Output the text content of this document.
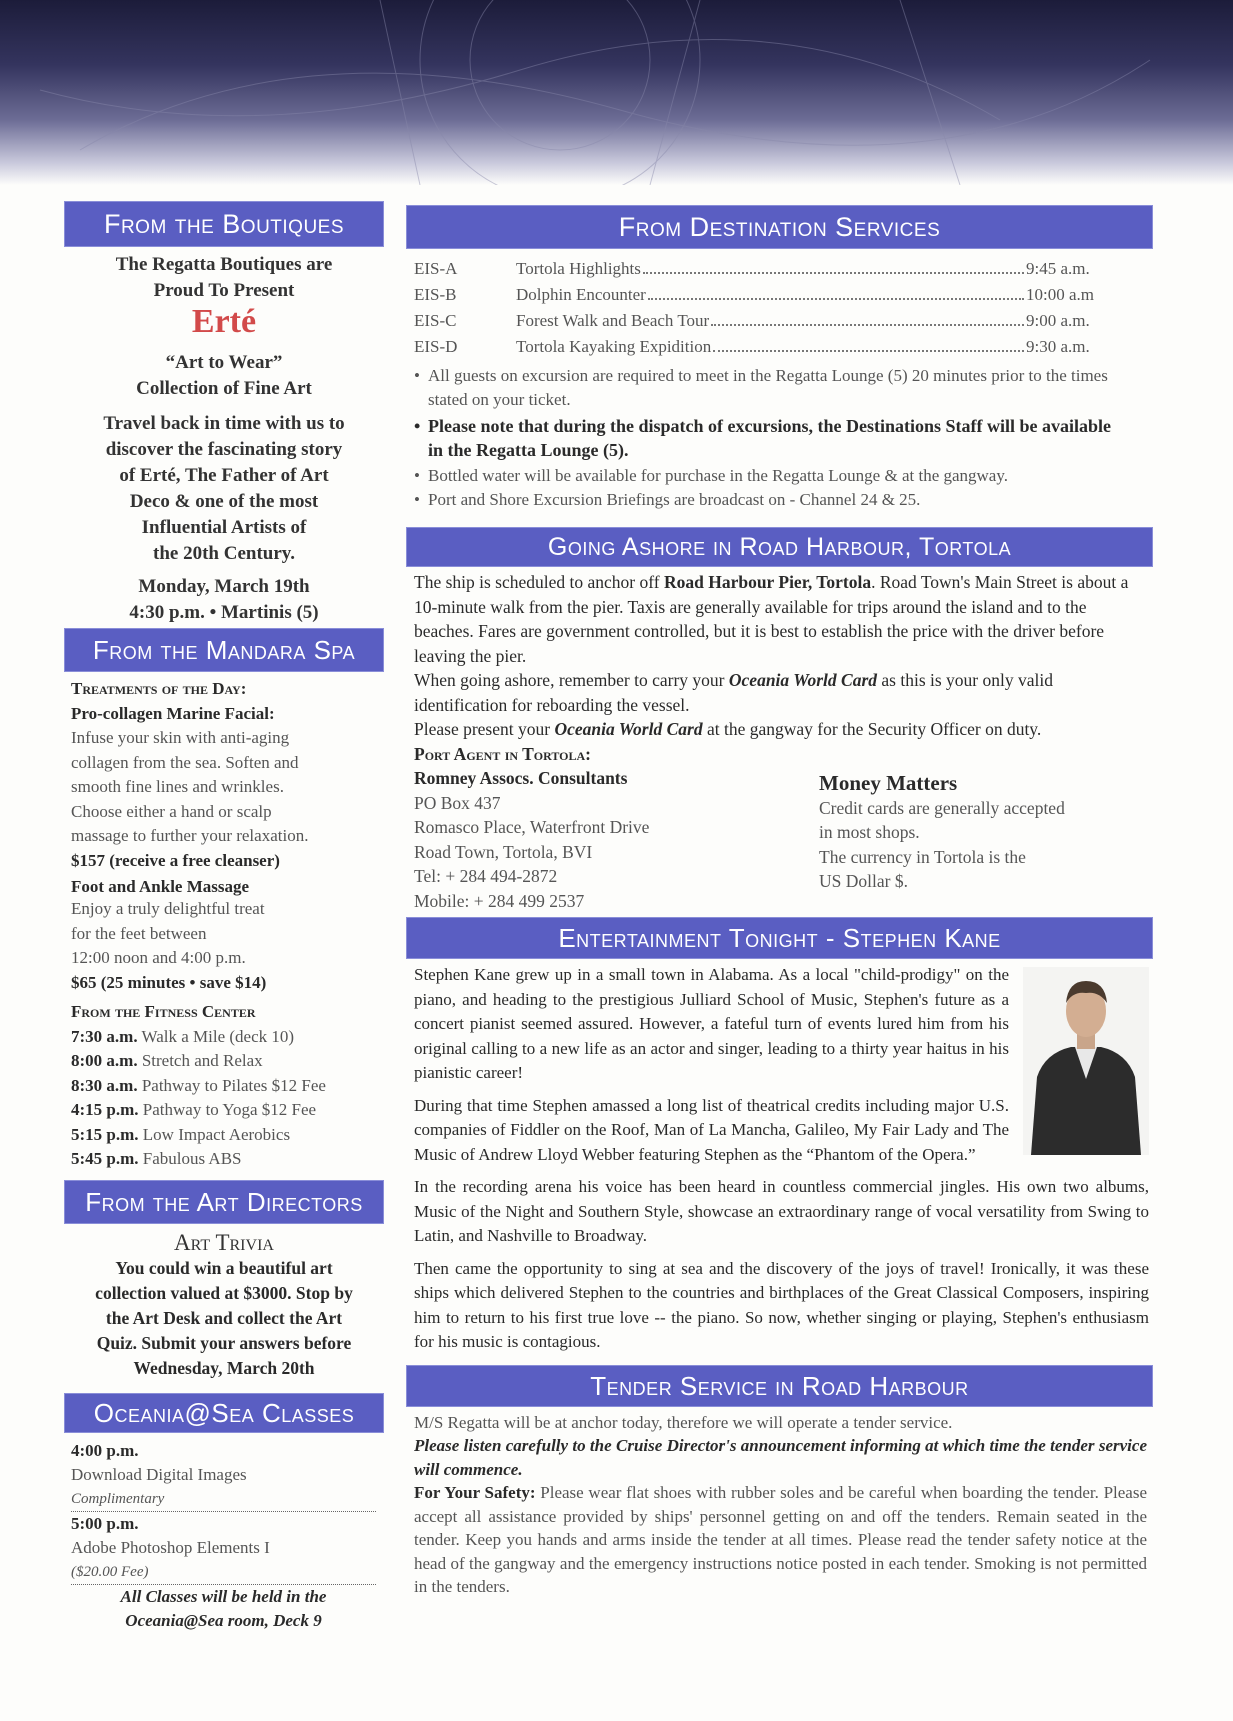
From the Boutiques

The Regatta Boutiques are

Proud To Present

Erté

“Art to Wear”

Collection of Fine Art

Travel back in time with us to

discover the fascinating story

of Erté, The Father of Art

Deco & one of the most

Influential Artists of

the 20th Century.

Monday, March 19th

4:30 p.m. • Martinis (5)

From the Mandara Spa

Treatments of the Day:

Pro-collagen Marine Facial:

Infuse your skin with anti-aging

collagen from the sea. Soften and

smooth fine lines and wrinkles.

Choose either a hand or scalp

massage to further your relaxation.

$157 (receive a free cleanser)

Foot and Ankle Massage

Enjoy a truly delightful treat

for the feet between

12:00 noon and 4:00 p.m.

$65 (25 minutes • save $14)

From the Fitness Center

7:30 a.m. Walk a Mile (deck 10)

8:00 a.m. Stretch and Relax

8:30 a.m. Pathway to Pilates $12 Fee

4:15 p.m. Pathway to Yoga $12 Fee

5:15 p.m. Low Impact Aerobics

5:45 p.m. Fabulous ABS

From the Art Directors

Art Trivia

You could win a beautiful art

collection valued at $3000. Stop by

the Art Desk and collect the Art

Quiz. Submit your answers before

Wednesday, March 20th

Oceania@Sea Classes

4:00 p.m.

Download Digital Images

Complimentary

5:00 p.m.

Adobe Photoshop Elements I

($20.00 Fee)

All Classes will be held in the

Oceania@Sea room, Deck 9

From Destination Services
EIS-A	Tortola Highlights	9:45 a.m.
EIS-B	Dolphin Encounter	10:00 a.m
EIS-C	Forest Walk and Beach Tour	9:00 a.m.
EIS-D	Tortola Kayaking Expidition	9:30 a.m.
• All guests on excursion are required to meet in the Regatta Lounge (5) 20 minutes prior to the times stated on your ticket.
• Please note that during the dispatch of excursions, the Destinations Staff will be available in the Regatta Lounge (5).
• Bottled water will be available for purchase in the Regatta Lounge & at the gangway.
• Port and Shore Excursion Briefings are broadcast on - Channel 24 & 25.
Going Ashore in Road Harbour, Tortola

The ship is scheduled to anchor off Road Harbour Pier, Tortola. Road Town's Main Street is about a 10-minute walk from the pier. Taxis are generally available for trips around the island and to the beaches. Fares are government controlled, but it is best to establish the price with the driver before leaving the pier.

When going ashore, remember to carry your Oceania World Card as this is your only valid identification for reboarding the vessel.

Please present your Oceania World Card at the gangway for the Security Officer on duty.

Port Agent in Tortola:

Romney Assocs. Consultants

PO Box 437

Romasco Place, Waterfront Drive

Road Town, Tortola, BVI

Tel: + 284 494-2872

Mobile: + 284 499 2537

Money Matters

Credit cards are generally accepted

in most shops.

The currency in Tortola is the

US Dollar $.

Entertainment Tonight - Stephen Kane

Stephen Kane grew up in a small town in Alabama. As a local "child-prodigy" on the piano, and heading to the prestigious Julliard School of Music, Stephen's future as a concert pianist seemed assured. However, a fateful turn of events lured him from his original calling to a new life as an actor and singer, leading to a thirty year haitus in his pianistic career!

During that time Stephen amassed a long list of theatrical credits including major U.S. companies of Fiddler on the Roof, Man of La Mancha, Galileo, My Fair Lady and The Music of Andrew Lloyd Webber featuring Stephen as the “Phantom of the Opera.”

In the recording arena his voice has been heard in countless commercial jingles. His own two albums, Music of the Night and Southern Style, showcase an extraordinary range of vocal versatility from Swing to Latin, and Nashville to Broadway.

Then came the opportunity to sing at sea and the discovery of the joys of travel! Ironically, it was these ships which delivered Stephen to the countries and birthplaces of the Great Classical Composers, inspiring him to return to his first true love -- the piano. So now, whether singing or playing, Stephen's enthusiasm for his music is contagious.

Tender Service in Road Harbour

M/S Regatta will be at anchor today, therefore we will operate a tender service.

Please listen carefully to the Cruise Director's announcement informing at which time the tender service will commence.

For Your Safety: Please wear flat shoes with rubber soles and be careful when boarding the tender. Please accept all assistance provided by ships' personnel getting on and off the tenders. Remain seated in the tender. Keep you hands and arms inside the tender at all times. Please read the tender safety notice at the head of the gangway and the emergency instructions notice posted in each tender. Smoking is not permitted in the tenders.
